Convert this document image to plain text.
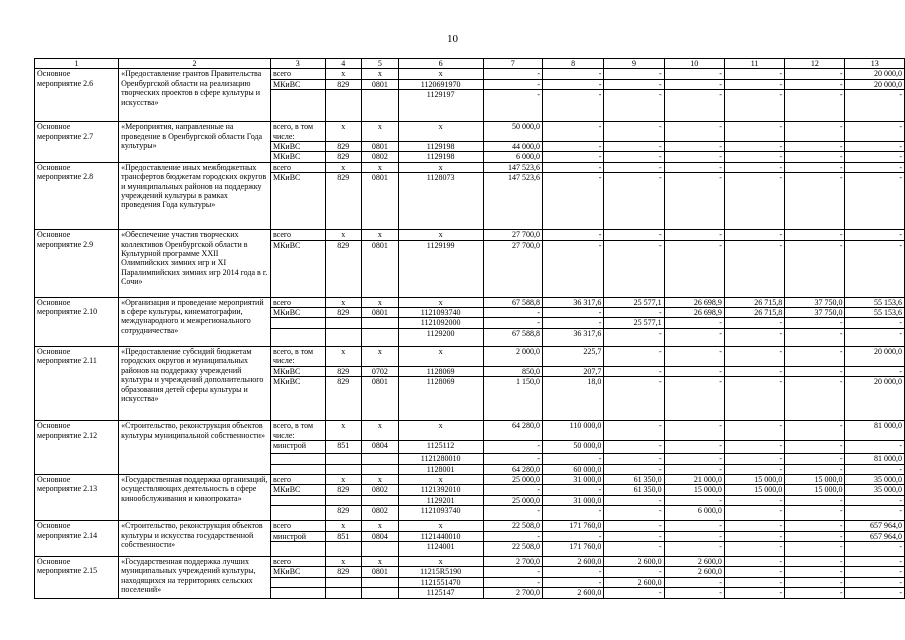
10
1	2	3	4	5	6	7	8	9	10	11	12	13
Основное мероприятие 2.6	«Предоставление грантов Правительства Оренбургской области на реализацию творческих проектов в сфере культуры и искусства»	всего	х	х	х	-	-	-	-	-	-	20 000,0
		МКиВС	829	0801	1120691970	-	-	-	-	-	-	20 000,0
					1129197	-	-	-	-	-	-	-
Основное мероприятие 2.7	«Мероприятия, направленные на проведение в Оренбургской области Года культуры»	всего, в том числе:	х	х	х	50 000,0	-	-	-	-	-	-
		МКиВС	829	0801	1129198	44 000,0	-	-	-	-	-	-
		МКиВС	829	0802	1129198	6 000,0	-	-	-	-	-	-
Основное мероприятие 2.8	«Предоставление иных межбюджетных трансфертов бюджетам городских округов и муниципальных районов на поддержку учреждений культуры в рамках проведения Года культуры»	всего	х	х	х	147 523,6	-	-	-	-	-	-
		МКиВС	829	0801	1128073	147 523,6	-	-	-	-	-	-
Основное мероприятие 2.9	«Обеспечение участия творческих коллективов Оренбургской области в Культурной программе XXII Олимпийских зимних игр и XI Паралимпийских зимних игр 2014 года в г. Сочи»	всего	х	х	х	27 700,0	-	-	-	-	-	-
		МКиВС	829	0801	1129199	27 700,0	-	-	-	-	-	-
Основное мероприятие 2.10	«Организация и проведение мероприятий в сфере культуры, кинематографии, международного и межрегионального сотрудничества»	всего	х	х	х	67 588,8	36 317,6	25 577,1	26 698,9	26 715,8	37 750,0	55 153,6
		МКиВС	829	0801	1121093740	-	-	-	26 698,9	26 715,8	37 750,0	55 153,6
					1121092000	-	-	25 577,1	-	-	-	-
					1129200	67 588,8	36 317,6	-	-	-	-	-
Основное мероприятие 2.11	«Предоставление субсидий бюджетам городских округов и муниципальных районов на поддержку учреждений культуры и учреждений дополнительного образования детей сферы культуры и искусства»	всего, в том числе:	х	х	х	2 000,0	225,7	-	-	-	-	20 000,0
		МКиВС	829	0702	1128069	850,0	207,7	-	-	-	-	-
		МКиВС	829	0801	1128069	1 150,0	18,0	-	-	-	-	20 000,0
Основное мероприятие 2.12	«Строительство, реконструкция объектов культуры муниципальной собственности»	всего, в том числе:	х	х	х	64 280,0	110 000,0	-	-	-	-	81 000,0
		минстрой	851	0804	1125112	-	50 000,0	-	-	-	-	-
					1121280010	-	-	-	-	-	-	81 000,0
					1128001	64 280,0	60 000,0	-	-	-	-	-
Основное мероприятие 2.13	«Государственная поддержка организаций, осуществляющих деятельность в сфере кинообслуживания и кинопроката»	всего	х	х	х	25 000,0	31 000,0	61 350,0	21 000,0	15 000,0	15 000,0	35 000,0
		МКиВС	829	0802	1121392010	-	-	61 350,0	15 000,0	15 000,0	15 000,0	35 000,0
					1129201	25 000,0	31 000,0	-	-	-	-	-
			829	0802	1121093740	-	-	-	6 000,0	-	-	-
Основное мероприятие 2.14	«Строительство, реконструкция объектов культуры и искусства государственной собственности»	всего	х	х	х	22 508,0	171 760,0	-	-	-	-	657 964,0
		минстрой	851	0804	1121440010	-	-	-	-	-	-	657 964,0
					1124001	22 508,0	171 760,0	-	-	-	-	-
Основное мероприятие 2.15	«Государственная поддержка лучших муниципальных учреждений культуры, находящихся на территориях сельских поселений»	всего	х	х	х	2 700,0	2 600,0	2 600,0	2 600,0	-	-	-
		МКиВС	829	0801	11215R5190	-	-	-	2 600,0	-	-	-
					1121551470	-	-	2 600,0	-	-	-	-
					1125147	2 700,0	2 600,0	-	-	-	-	-
